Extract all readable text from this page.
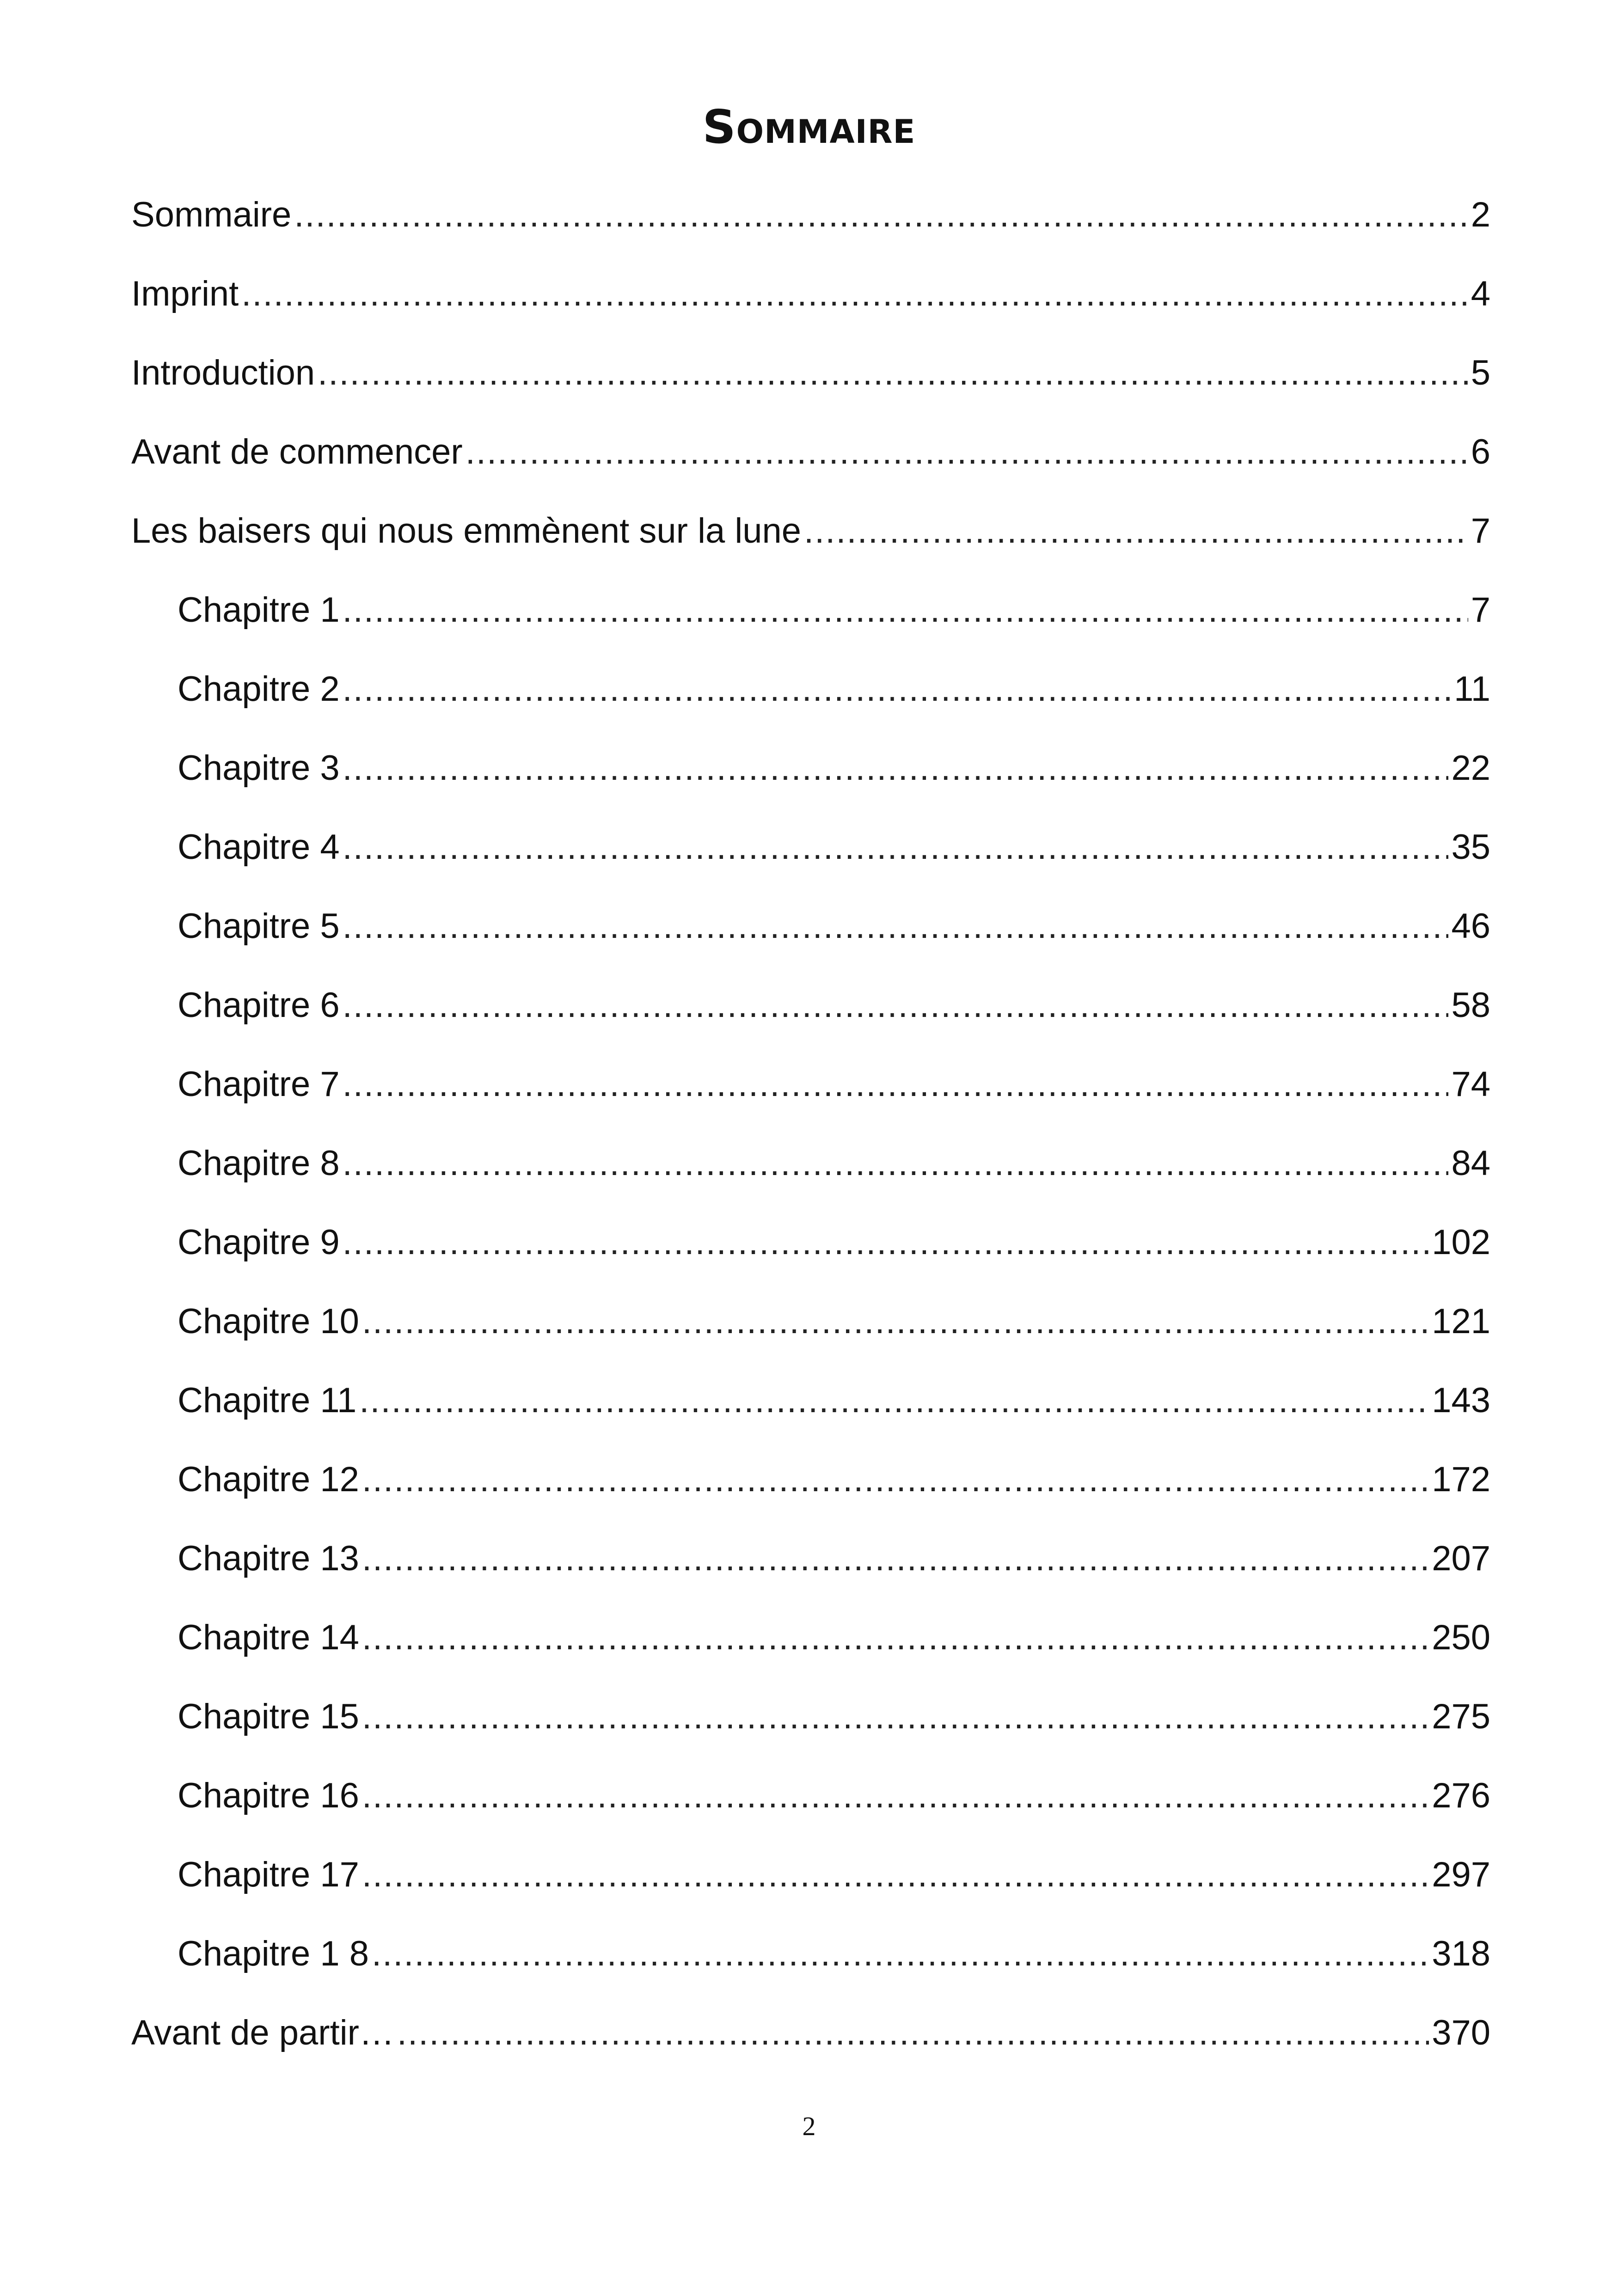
Sommaire
Sommaire .....	2
Imprint .....	4
Introduction .....	5
Avant de commencer .....	6
Les baisers qui nous emmènent sur la lune .....	7
Chapitre 1 .....	7
Chapitre 2 .....	11
Chapitre 3 .....	22
Chapitre 4 .....	35
Chapitre 5 .....	46
Chapitre 6 .....	58
Chapitre 7 .....	74
Chapitre 8 .....	84
Chapitre 9 .....	102
Chapitre 10 .....	121
Chapitre 11 .....	143
Chapitre 12 .....	172
Chapitre 13 .....	207
Chapitre 14 .....	250
Chapitre 15 .....	275
Chapitre 16 .....	276
Chapitre 17 .....	297
Chapitre 1 8 .....	318
Avant de partir… .....	370
2
